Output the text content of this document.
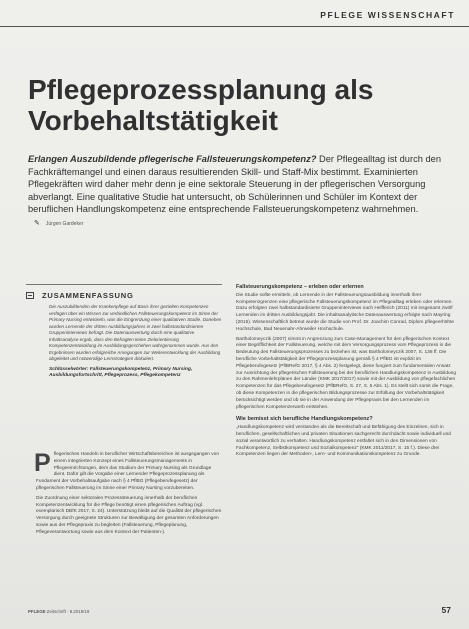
PFLEGE WISSENSCHAFT
Pflegeprozessplanung als
Vorbehaltstätigkeit
Erlangen Auszubildende pflegerische Fallsteuerungskompetenz? Der Pflegealltag ist durch den Fachkräftemangel und einen daraus resultierenden Skill- und Staff-Mix bestimmt. Examinierten Pflegekräften wird daher mehr denn je eine sektorale Steuerung in der pflegerischen Versorgung abverlangt. Eine qualitative Studie hat untersucht, ob Schülerinnen und Schüler im Kontext der beruflichen Handlungskompetenz eine entsprechende Fallsteuerungskompetenz wahrnehmen. ✎ Jürgen Gardeker
ZUSAMMENFASSUNG
Die Auszubildenden der Krankenpflege auf Basis ihrer gezielten Kompetenzen verfügen über ein Wissen zur verbindlichen Fallsteuerungskompetenz im Sinne der Primary Nursing entwickeln, was die Eingrenzung einer qualitativen Studie. Daneben wurden Lernende der dritten Ausbildungsjahres in zwei halbstandardisierten Gruppeninterviews befragt. Die Datenauswertung durch eine qualitative Inhaltsanalyse ergab, dass den Befragten keine Zielorientierung Kompetenzentwicklung im Ausbildungsgeschehen wahrgenommen wurde. Aus den Ergebnissen wurden erfolgreiche Anregungen zur Weiterentwicklung der Ausbildung abgeleitet und notwendige Lernstrategien diskutiert.
Schlüsselwörter: Fallsteuerungskompetenz, Primary Nursing, Ausbildungsfortschritt, Pflegeprozess, Pflegekompetenz
P flegerisches Handeln in beruflicher Wirtschaftsbereichen ist ausgegangen von einem integrierten Konzept eines Fallsteuerungsmanagements in Pflegeeinrichtungen, dem das Studium der Primary Nursing als Grundlage dient. Dafür gilt die Vorgabe einer Lernender Pflegeprozessplanung als Fundament der Vorbehaltsaufgabe nach § 4 PflBG (Pflegeberufegesetz) der pflegerischen Fallsteuerung im Sinne einer Primary Nursing vorzubereiten.
Die Zuordnung einer sektoralen Prozesssteuerung innerhalb der beruflichen Kompetenzentwicklung für die Pflege benötigt einen pflegerischen Auftrag (vgl. exemplarisch DBfK 2017, S. 24). Unterstützung bleibt auf die Qualität der pflegerischen Versorgung durch geeignete Strukturen zur Bewältigung der gesamten Anforderungen sowie aus der Pflegepraxis zu begleiten (Fallsteuerung, Pflegeplanung, Pflegeverantwortung sowie aus dem Kontext der Patienten-).
Fallsteuerungskompetenz – erleben oder erlernen

Die Studie sollte ermitteln, ob Lernende in der Fallsteuerungsausbildung innerhalb ihrer Kompetenzgrenzen eine pflegerische Fallsteuerungskompetenz im Pflegealltag erleben oder erlernen. Dazu erfolgten zwei halbstandardisierte Gruppeninterviews nach Helfferich (2011) mit insgesamt zwölf Lernenden im dritten Ausbildungsjahr. Die inhaltsanalytische Datenauswertung erfolgte nach Mayring (2015). Wissenschaftlich betreut wurde die Studie von Prof. Dr. Joachim Conrad, Diplom pflegeerhöhte Hochschule, Bad Neuenahr-Ahrweiler Hochschule.

Bartholomeyczik (2007) nimmt in Angrenzung zum Case-Management für den pflegerischen Kontext einer Begrifflichkeit der Fallsteuerung, welche mit dem Versorgungsprozess vom Pflegeprozess in die Bedeutung des Fallsteuerungsprozesses zu beziehen ist, was Bartholomeyczik 2007, S. 138 ff. Die berufliche Vorbehaltstätigkeit der Pflegeprozessplanung gemäß § 4 PflBG ist explizit im Pflegeberufegesetz (PflBRefG 2017, § 4 Abs. 2) festgelegt, diese fungiert zum fundamentalen Ansatz zur Ausrichtung der pflegerischen Fallsteuerung bei der beruflichen Handlungskompetenz in Ausbildung zu den Rahmenlehrplänen der Länder (KMK 2017/2017) sowie mit der Ausbildung von pflegefachlichen Kompetenzen für das Pflegeberufegesetz (PflBRefG, S. 27, S. 5 Abs. 1). Es stellt sich somit die Frage, ob diese Kompetenzen in die pflegerischen Bildungsprozesse zur Erfüllung der Vorbehaltstätigkeit berücksichtigt werden und ob sie in der Anwendung der Pflegepraxis bei den Lernenden im pflegerischen Kompetenzerwerb entstehen.

Wie bemisst sich berufliche Handlungskompetenz?

„Handlungskompetenz wird verstanden als die Bereitschaft und Befähigung des Einzelnen, sich in beruflichen, gesellschaftlichen und privaten Situationen sachgerecht durchdacht sowie individuell und sozial verantwortlich zu verhalten. Handlungskompetenz entfaltet sich in den Dimensionen von Fachkompetenz, Selbstkompetenz und Sozialkompetenz“ (KMK 2011/2017, S. 15 f.). Diese drei Kompetenzen liegen der Methoden-, Lern- und Kommunikationskompetenz zu Grunde.

PFLEGE Zeitschrift · 8.2019/19	57
